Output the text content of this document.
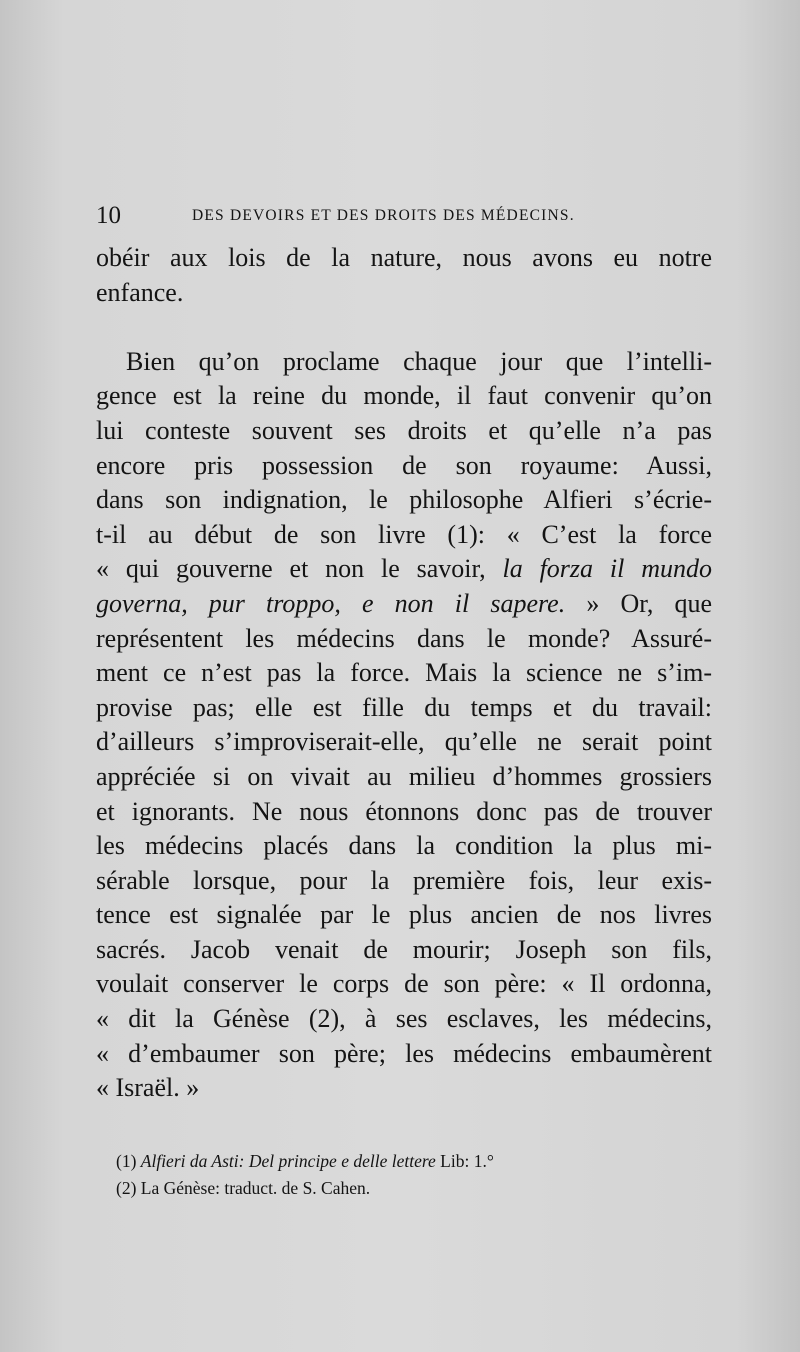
10	DES DEVOIRS ET DES DROITS DES MÉDECINS.
obéir aux lois de la nature, nous avons eu notre
enfance.
Bien qu’on proclame chaque jour que l’intelli-
gence est la reine du monde, il faut convenir qu’on
lui conteste souvent ses droits et qu’elle n’a pas
encore pris possession de son royaume: Aussi,
dans son indignation, le philosophe Alfieri s’écrie-
t-il au début de son livre (1): « C’est la force
« qui gouverne et non le savoir, la forza il mundo
governa, pur troppo, e non il sapere. » Or, que
représentent les médecins dans le monde? Assuré-
ment ce n’est pas la force. Mais la science ne s’im-
provise pas; elle est fille du temps et du travail:
d’ailleurs s’improviserait-elle, qu’elle ne serait point
appréciée si on vivait au milieu d’hommes grossiers
et ignorants. Ne nous étonnons donc pas de trouver
les médecins placés dans la condition la plus mi-
sérable lorsque, pour la première fois, leur exis-
tence est signalée par le plus ancien de nos livres
sacrés. Jacob venait de mourir; Joseph son fils,
voulait conserver le corps de son père: « Il ordonna,
« dit la Génèse (2), à ses esclaves, les médecins,
« d’embaumer son père; les médecins embaumèrent
« Israël. »
(1) Alfieri da Asti: Del principe e delle lettere Lib: 1.°
(2) La Génèse: traduct. de S. Cahen.
